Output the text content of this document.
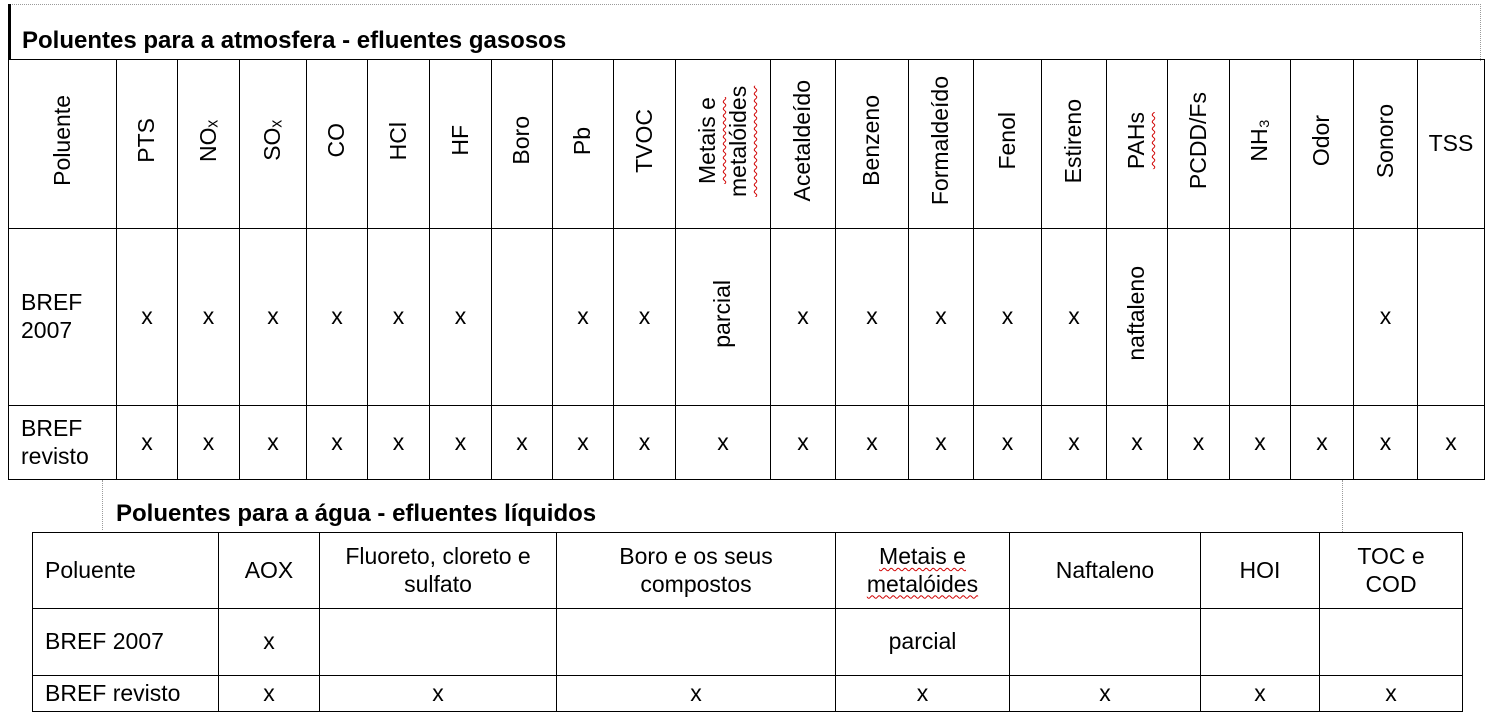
Poluentes para a atmosfera - efluentes gasosos
Poluente	PTS	NOₓ	SOₓ	CO	HCl	HF	Boro	Pb	TVOC	Metais e metalóides	Acetaldeído	Benzeno	Formaldeído	Fenol	Estireno	PAHs	PCDD/Fs	NH₃	Odor	Sonoro	TSS
BREF 2007	x	x	x	x	x	x		x	x	parcial	x	x	x	x	x	naftaleno				x	
BREF revisto	x	x	x	x	x	x	x	x	x	x	x	x	x	x	x	x	x	x	x	x	x
Poluentes para a água - efluentes líquidos
Poluente	AOX	Fluoreto, cloreto e sulfato	Boro e os seus compostos	Metais e metalóides	Naftaleno	HOI	TOC e COD
BREF 2007	x			parcial			
BREF revisto	x	x	x	x	x	x	x
